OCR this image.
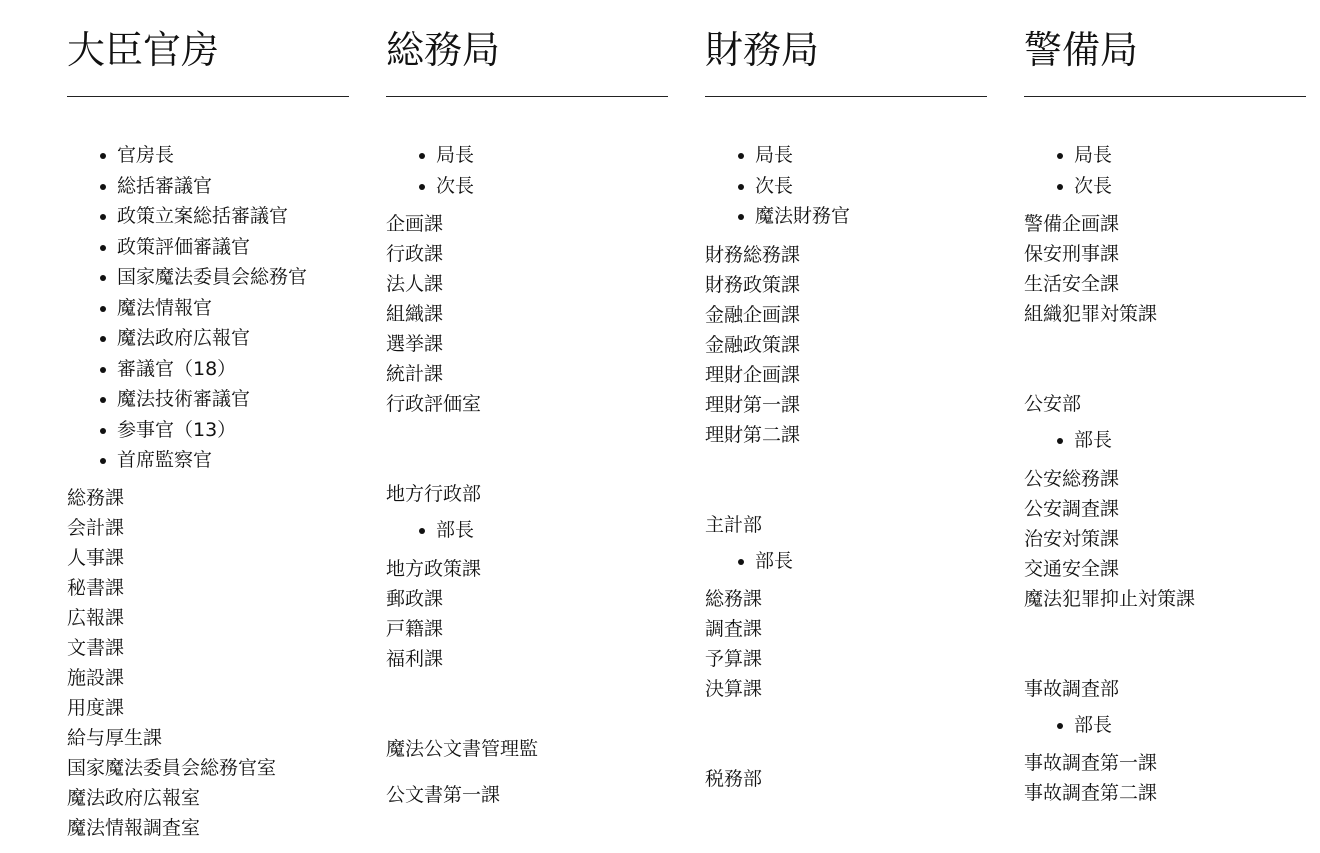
大臣官房
官房長
総括審議官
政策立案総括審議官
政策評価審議官
国家魔法委員会総務官
魔法情報官
魔法政府広報官
審議官（18）
魔法技術審議官
参事官（13）
首席監察官
総務課
会計課
人事課
秘書課
広報課
文書課
施設課
用度課
給与厚生課
国家魔法委員会総務官室
魔法政府広報室
魔法情報調査室
総務局
局長
次長
企画課
行政課
法人課
組織課
選挙課
統計課
行政評価室
地方行政部
部長
地方政策課
郵政課
戸籍課
福利課
魔法公文書管理監
公文書第一課
財務局
局長
次長
魔法財務官
財務総務課
財務政策課
金融企画課
金融政策課
理財企画課
理財第一課
理財第二課
主計部
部長
総務課
調査課
予算課
決算課
税務部
警備局
局長
次長
警備企画課
保安刑事課
生活安全課
組織犯罪対策課
公安部
部長
公安総務課
公安調査課
治安対策課
交通安全課
魔法犯罪抑止対策課
事故調査部
部長
事故調査第一課
事故調査第二課
